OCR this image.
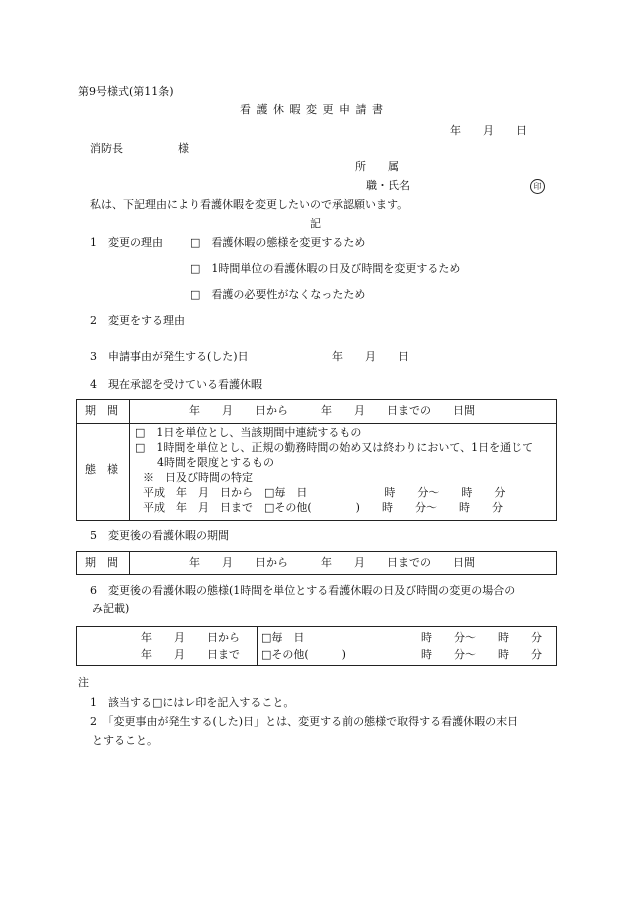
第9号様式(第11条)
看 護 休 暇 変 更 申 請 書
年　　月　　日
消防長　　　　　様
所　　属
職・氏名	印
私は、下記理由により看護休暇を変更したいので承認願います。
記
1　変更の理由 □　看護休暇の態様を変更するため
□　1時間単位の看護休暇の日及び時間を変更するため
□　看護の必要性がなくなったため
2　変更をする理由
3　申請事由が発生する(した)日	年　　月　　日
4　現在承認を受けている看護休暇
期　間	年　　月　　日から　　　年　　月　　日までの　　日間
態　様
□　1日を単位とし、当該期間中連続するもの
□　1時間を単位とし、正規の勤務時間の始め又は終わりにおいて、1日を通じて
　　4時間を限度とするもの
※　日及び時間の特定
平成　年　月　日から　□毎　日　　　　　　　時　　分〜　　時　　分
平成　年　月　日まで　□その他(　　　　)　　時　　分〜　　時　　分
5　変更後の看護休暇の期間
期　間	年　　月　　日から　　　年　　月　　日までの　　日間
6　変更後の看護休暇の態様(1時間を単位とする看護休暇の日及び時間の変更の場合の
み記載)
年　　月　　日から □毎　日	時　　分〜　　時　　分
年　　月　　日まで □その他(　　　)	時　　分〜　　時　　分
注
1　該当する□にはレ印を記入すること。
2　「変更事由が発生する(した)日」とは、変更する前の態様で取得する看護休暇の末日
とすること。
